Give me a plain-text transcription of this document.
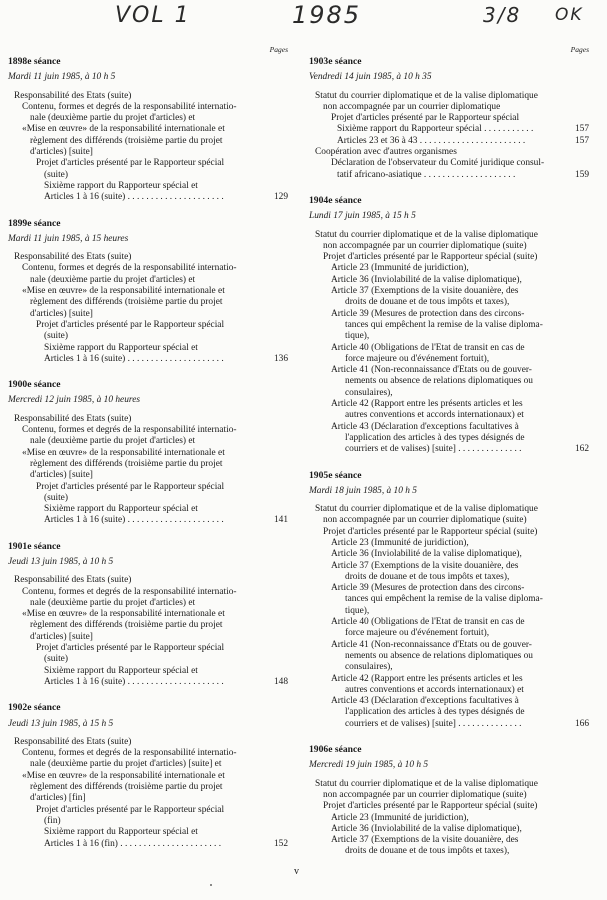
VOL 1	1985	3/8 OK
Pages
1898e séance
Mardi 11 juin 1985, à 10 h 5
Responsabilité des Etats (suite)
Contenu, formes et degrés de la responsabilité internatio-
nale (deuxième partie du projet d'articles) et
«Mise en œuvre» de la responsabilité internationale et
règlement des différends (troisième partie du projet
d'articles) [suite]
Projet d'articles présenté par le Rapporteur spécial
(suite)
Sixième rapport du Rapporteur spécial et
Articles 1 à 16 (suite) . . . . . . . . . . . . . . . . . . . . .	129
1899e séance
Mardi 11 juin 1985, à 15 heures
Responsabilité des Etats (suite)
Contenu, formes et degrés de la responsabilité internatio-
nale (deuxième partie du projet d'articles) et
«Mise en œuvre» de la responsabilité internationale et
règlement des différends (troisième partie du projet
d'articles) [suite]
Projet d'articles présenté par le Rapporteur spécial
(suite)
Sixième rapport du Rapporteur spécial et
Articles 1 à 16 (suite) . . . . . . . . . . . . . . . . . . . . .	136
1900e séance
Mercredi 12 juin 1985, à 10 heures
Responsabilité des Etats (suite)
Contenu, formes et degrés de la responsabilité internatio-
nale (deuxième partie du projet d'articles) et
«Mise en œuvre» de la responsabilité internationale et
règlement des différends (troisième partie du projet
d'articles) [suite]
Projet d'articles présenté par le Rapporteur spécial
(suite)
Sixième rapport du Rapporteur spécial et
Articles 1 à 16 (suite) . . . . . . . . . . . . . . . . . . . . .	141
1901e séance
Jeudi 13 juin 1985, à 10 h 5
Responsabilité des Etats (suite)
Contenu, formes et degrés de la responsabilité internatio-
nale (deuxième partie du projet d'articles) et
«Mise en œuvre» de la responsabilité internationale et
règlement des différends (troisième partie du projet
d'articles) [suite]
Projet d'articles présenté par le Rapporteur spécial
(suite)
Sixième rapport du Rapporteur spécial et
Articles 1 à 16 (suite) . . . . . . . . . . . . . . . . . . . . .	148
1902e séance
Jeudi 13 juin 1985, à 15 h 5
Responsabilité des Etats (suite)
Contenu, formes et degrés de la responsabilité internatio-
nale (deuxième partie du projet d'articles) [suite] et
«Mise en œuvre» de la responsabilité internationale et
règlement des différends (troisième partie du projet
d'articles) [fin]
Projet d'articles présenté par le Rapporteur spécial
(fin)
Sixième rapport du Rapporteur spécial et
Articles 1 à 16 (fin) . . . . . . . . . . . . . . . . . . . . . .	152
Pages
1903e séance
Vendredi 14 juin 1985, à 10 h 35
Statut du courrier diplomatique et de la valise diplomatique
non accompagnée par un courrier diplomatique
Projet d'articles présenté par le Rapporteur spécial
Sixième rapport du Rapporteur spécial . . . . . . . . . . .	157
Articles 23 et 36 à 43 . . . . . . . . . . . . . . . . . . . . . . .	157
Coopération avec d'autres organismes
Déclaration de l'observateur du Comité juridique consul-
tatif africano-asiatique . . . . . . . . . . . . . . . . . . . .	159
1904e séance
Lundi 17 juin 1985, à 15 h 5
Statut du courrier diplomatique et de la valise diplomatique
non accompagnée par un courrier diplomatique (suite)
Projet d'articles présenté par le Rapporteur spécial (suite)
Article 23 (Immunité de juridiction),
Article 36 (Inviolabilité de la valise diplomatique),
Article 37 (Exemptions de la visite douanière, des
droits de douane et de tous impôts et taxes),
Article 39 (Mesures de protection dans des circons-
tances qui empêchent la remise de la valise diploma-
tique),
Article 40 (Obligations de l'Etat de transit en cas de
force majeure ou d'événement fortuit),
Article 41 (Non-reconnaissance d'Etats ou de gouver-
nements ou absence de relations diplomatiques ou
consulaires),
Article 42 (Rapport entre les présents articles et les
autres conventions et accords internationaux) et
Article 43 (Déclaration d'exceptions facultatives à
l'application des articles à des types désignés de
courriers et de valises) [suite] . . . . . . . . . . . . . .	162
1905e séance
Mardi 18 juin 1985, à 10 h 5
Statut du courrier diplomatique et de la valise diplomatique
non accompagnée par un courrier diplomatique (suite)
Projet d'articles présenté par le Rapporteur spécial (suite)
Article 23 (Immunité de juridiction),
Article 36 (Inviolabilité de la valise diplomatique),
Article 37 (Exemptions de la visite douanière, des
droits de douane et de tous impôts et taxes),
Article 39 (Mesures de protection dans des circons-
tances qui empêchent la remise de la valise diploma-
tique),
Article 40 (Obligations de l'Etat de transit en cas de
force majeure ou d'événement fortuit),
Article 41 (Non-reconnaissance d'Etats ou de gouver-
nements ou absence de relations diplomatiques ou
consulaires),
Article 42 (Rapport entre les présents articles et les
autres conventions et accords internationaux) et
Article 43 (Déclaration d'exceptions facultatives à
l'application des articles à des types désignés de
courriers et de valises) [suite] . . . . . . . . . . . . . .	166
1906e séance
Mercredi 19 juin 1985, à 10 h 5
Statut du courrier diplomatique et de la valise diplomatique
non accompagnée par un courrier diplomatique (suite)
Projet d'articles présenté par le Rapporteur spécial (suite)
Article 23 (Immunité de juridiction),
Article 36 (Inviolabilité de la valise diplomatique),
Article 37 (Exemptions de la visite douanière, des
droits de douane et de tous impôts et taxes),
v
